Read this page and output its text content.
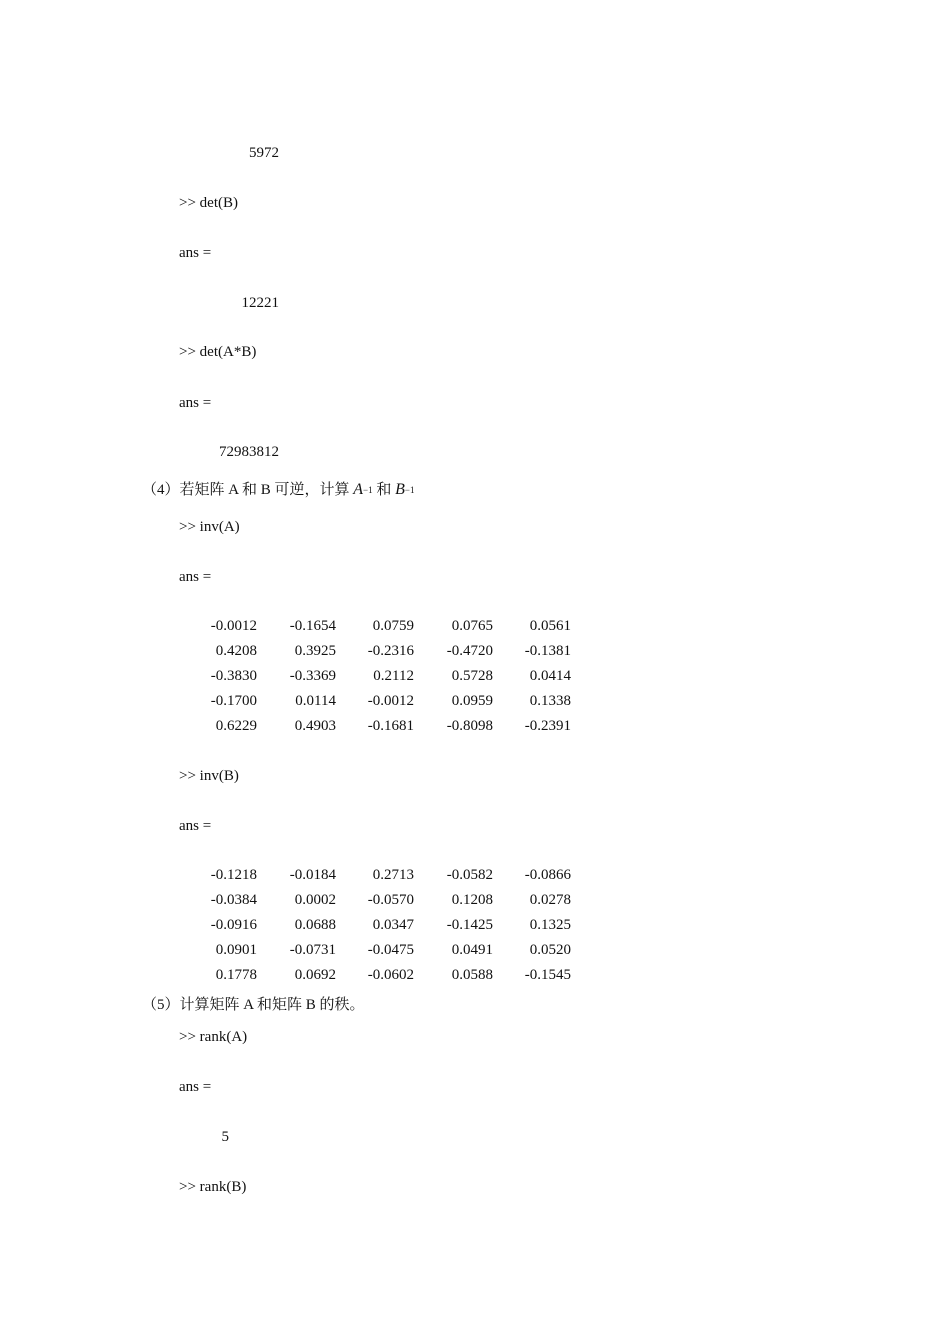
5972
>> det(B)
ans =
12221
>> det(A*B)
ans =
72983812
（4）若矩阵 A 和 B 可逆，计算 A−1 和 B−1
>> inv(A)
ans =
-0.0012	-0.1654	0.0759	0.0765	0.0561
0.4208	0.3925	-0.2316	-0.4720	-0.1381
-0.3830	-0.3369	0.2112	0.5728	0.0414
-0.1700	0.0114	-0.0012	0.0959	0.1338
0.6229	0.4903	-0.1681	-0.8098	-0.2391
>> inv(B)
ans =
-0.1218	-0.0184	0.2713	-0.0582	-0.0866
-0.0384	0.0002	-0.0570	0.1208	0.0278
-0.0916	0.0688	0.0347	-0.1425	0.1325
0.0901	-0.0731	-0.0475	0.0491	0.0520
0.1778	0.0692	-0.0602	0.0588	-0.1545
（5）计算矩阵 A 和矩阵 B 的秩。
>> rank(A)
ans =
5
>> rank(B)
